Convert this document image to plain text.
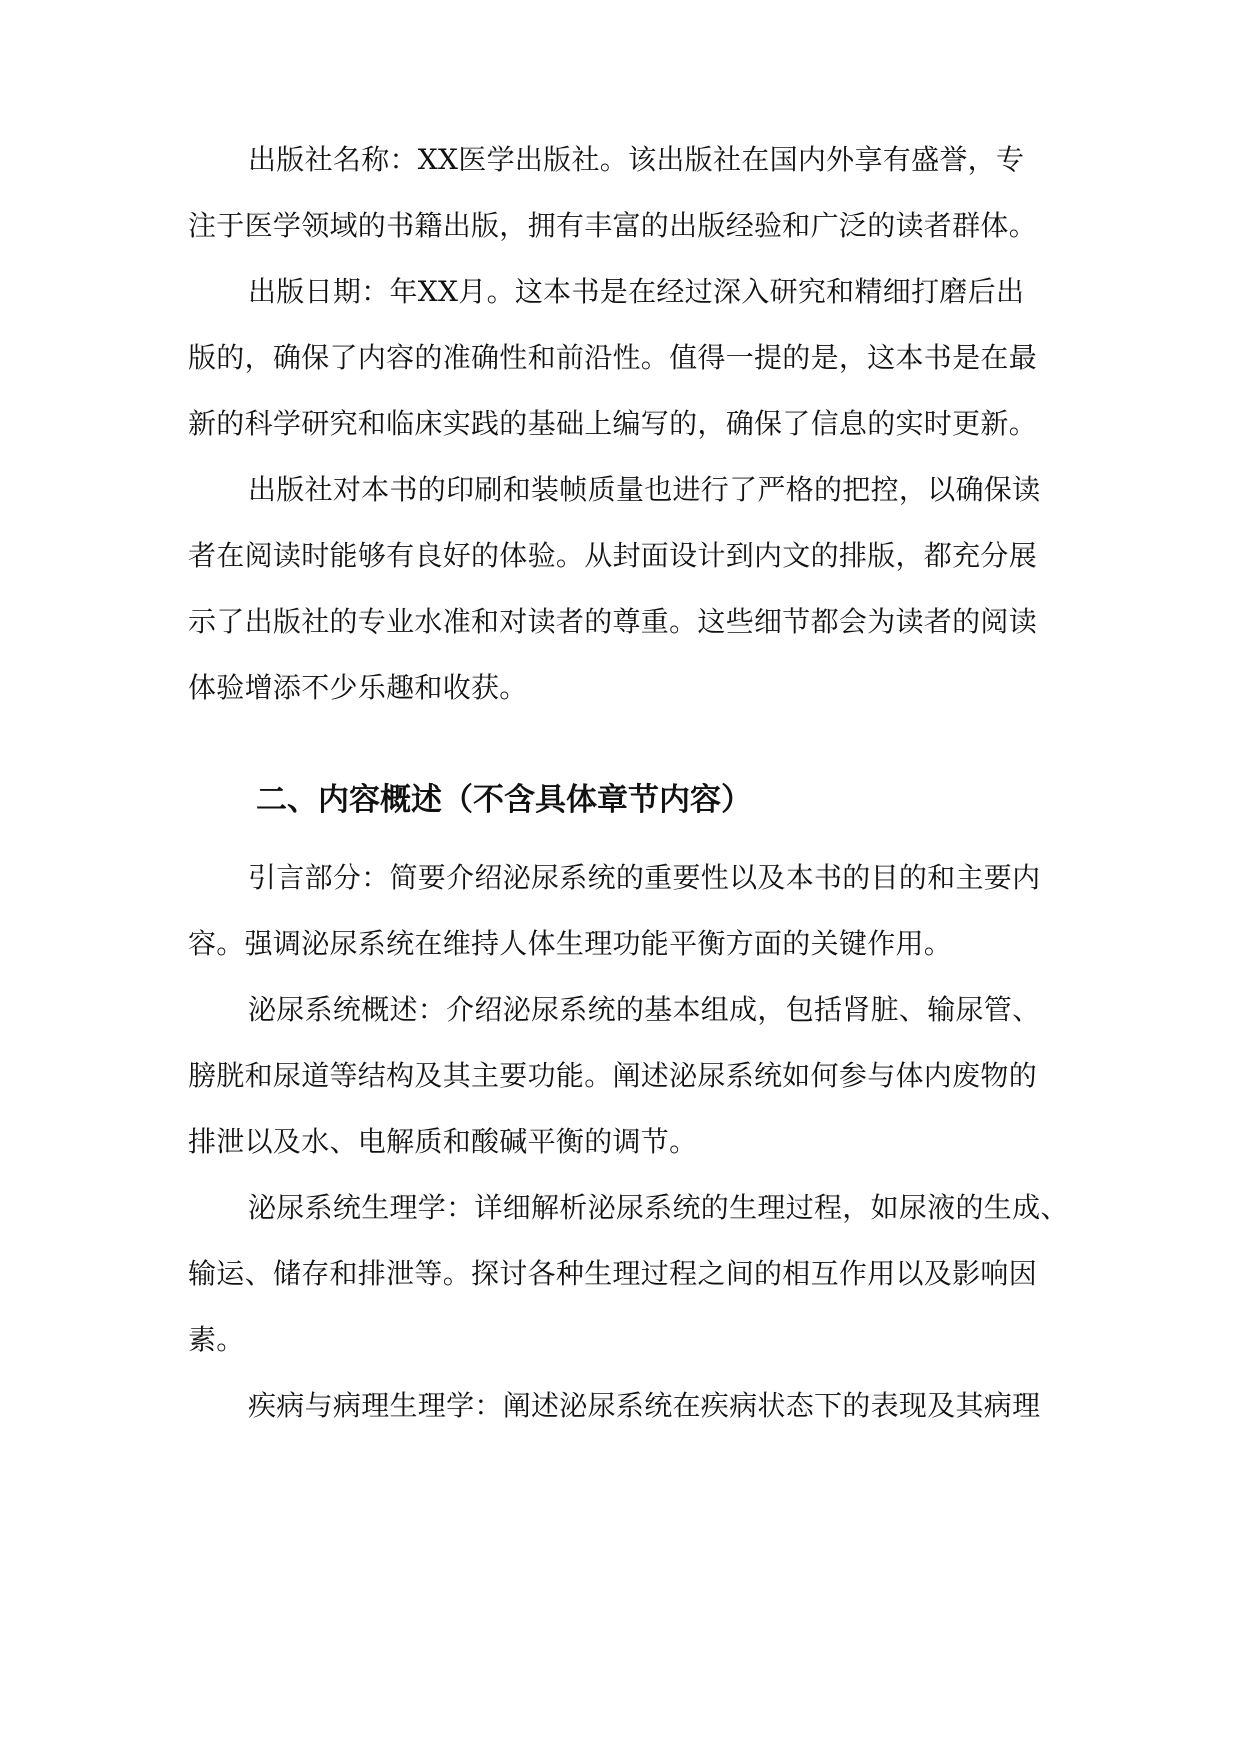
出版社名称：XX医学出版社。该出版社在国内外享有盛誉，专
注于医学领域的书籍出版，拥有丰富的出版经验和广泛的读者群体。
出版日期：年XX月。这本书是在经过深入研究和精细打磨后出
版的，确保了内容的准确性和前沿性。值得一提的是，这本书是在最
新的科学研究和临床实践的基础上编写的，确保了信息的实时更新。
出版社对本书的印刷和装帧质量也进行了严格的把控，以确保读
者在阅读时能够有良好的体验。从封面设计到内文的排版，都充分展
示了出版社的专业水准和对读者的尊重。这些细节都会为读者的阅读
体验增添不少乐趣和收获。
二、内容概述（不含具体章节内容）
引言部分：简要介绍泌尿系统的重要性以及本书的目的和主要内
容。强调泌尿系统在维持人体生理功能平衡方面的关键作用。
泌尿系统概述：介绍泌尿系统的基本组成，包括肾脏、输尿管、
膀胱和尿道等结构及其主要功能。阐述泌尿系统如何参与体内废物的
排泄以及水、电解质和酸碱平衡的调节。
泌尿系统生理学：详细解析泌尿系统的生理过程，如尿液的生成、
输运、储存和排泄等。探讨各种生理过程之间的相互作用以及影响因
素。
疾病与病理生理学：阐述泌尿系统在疾病状态下的表现及其病理
